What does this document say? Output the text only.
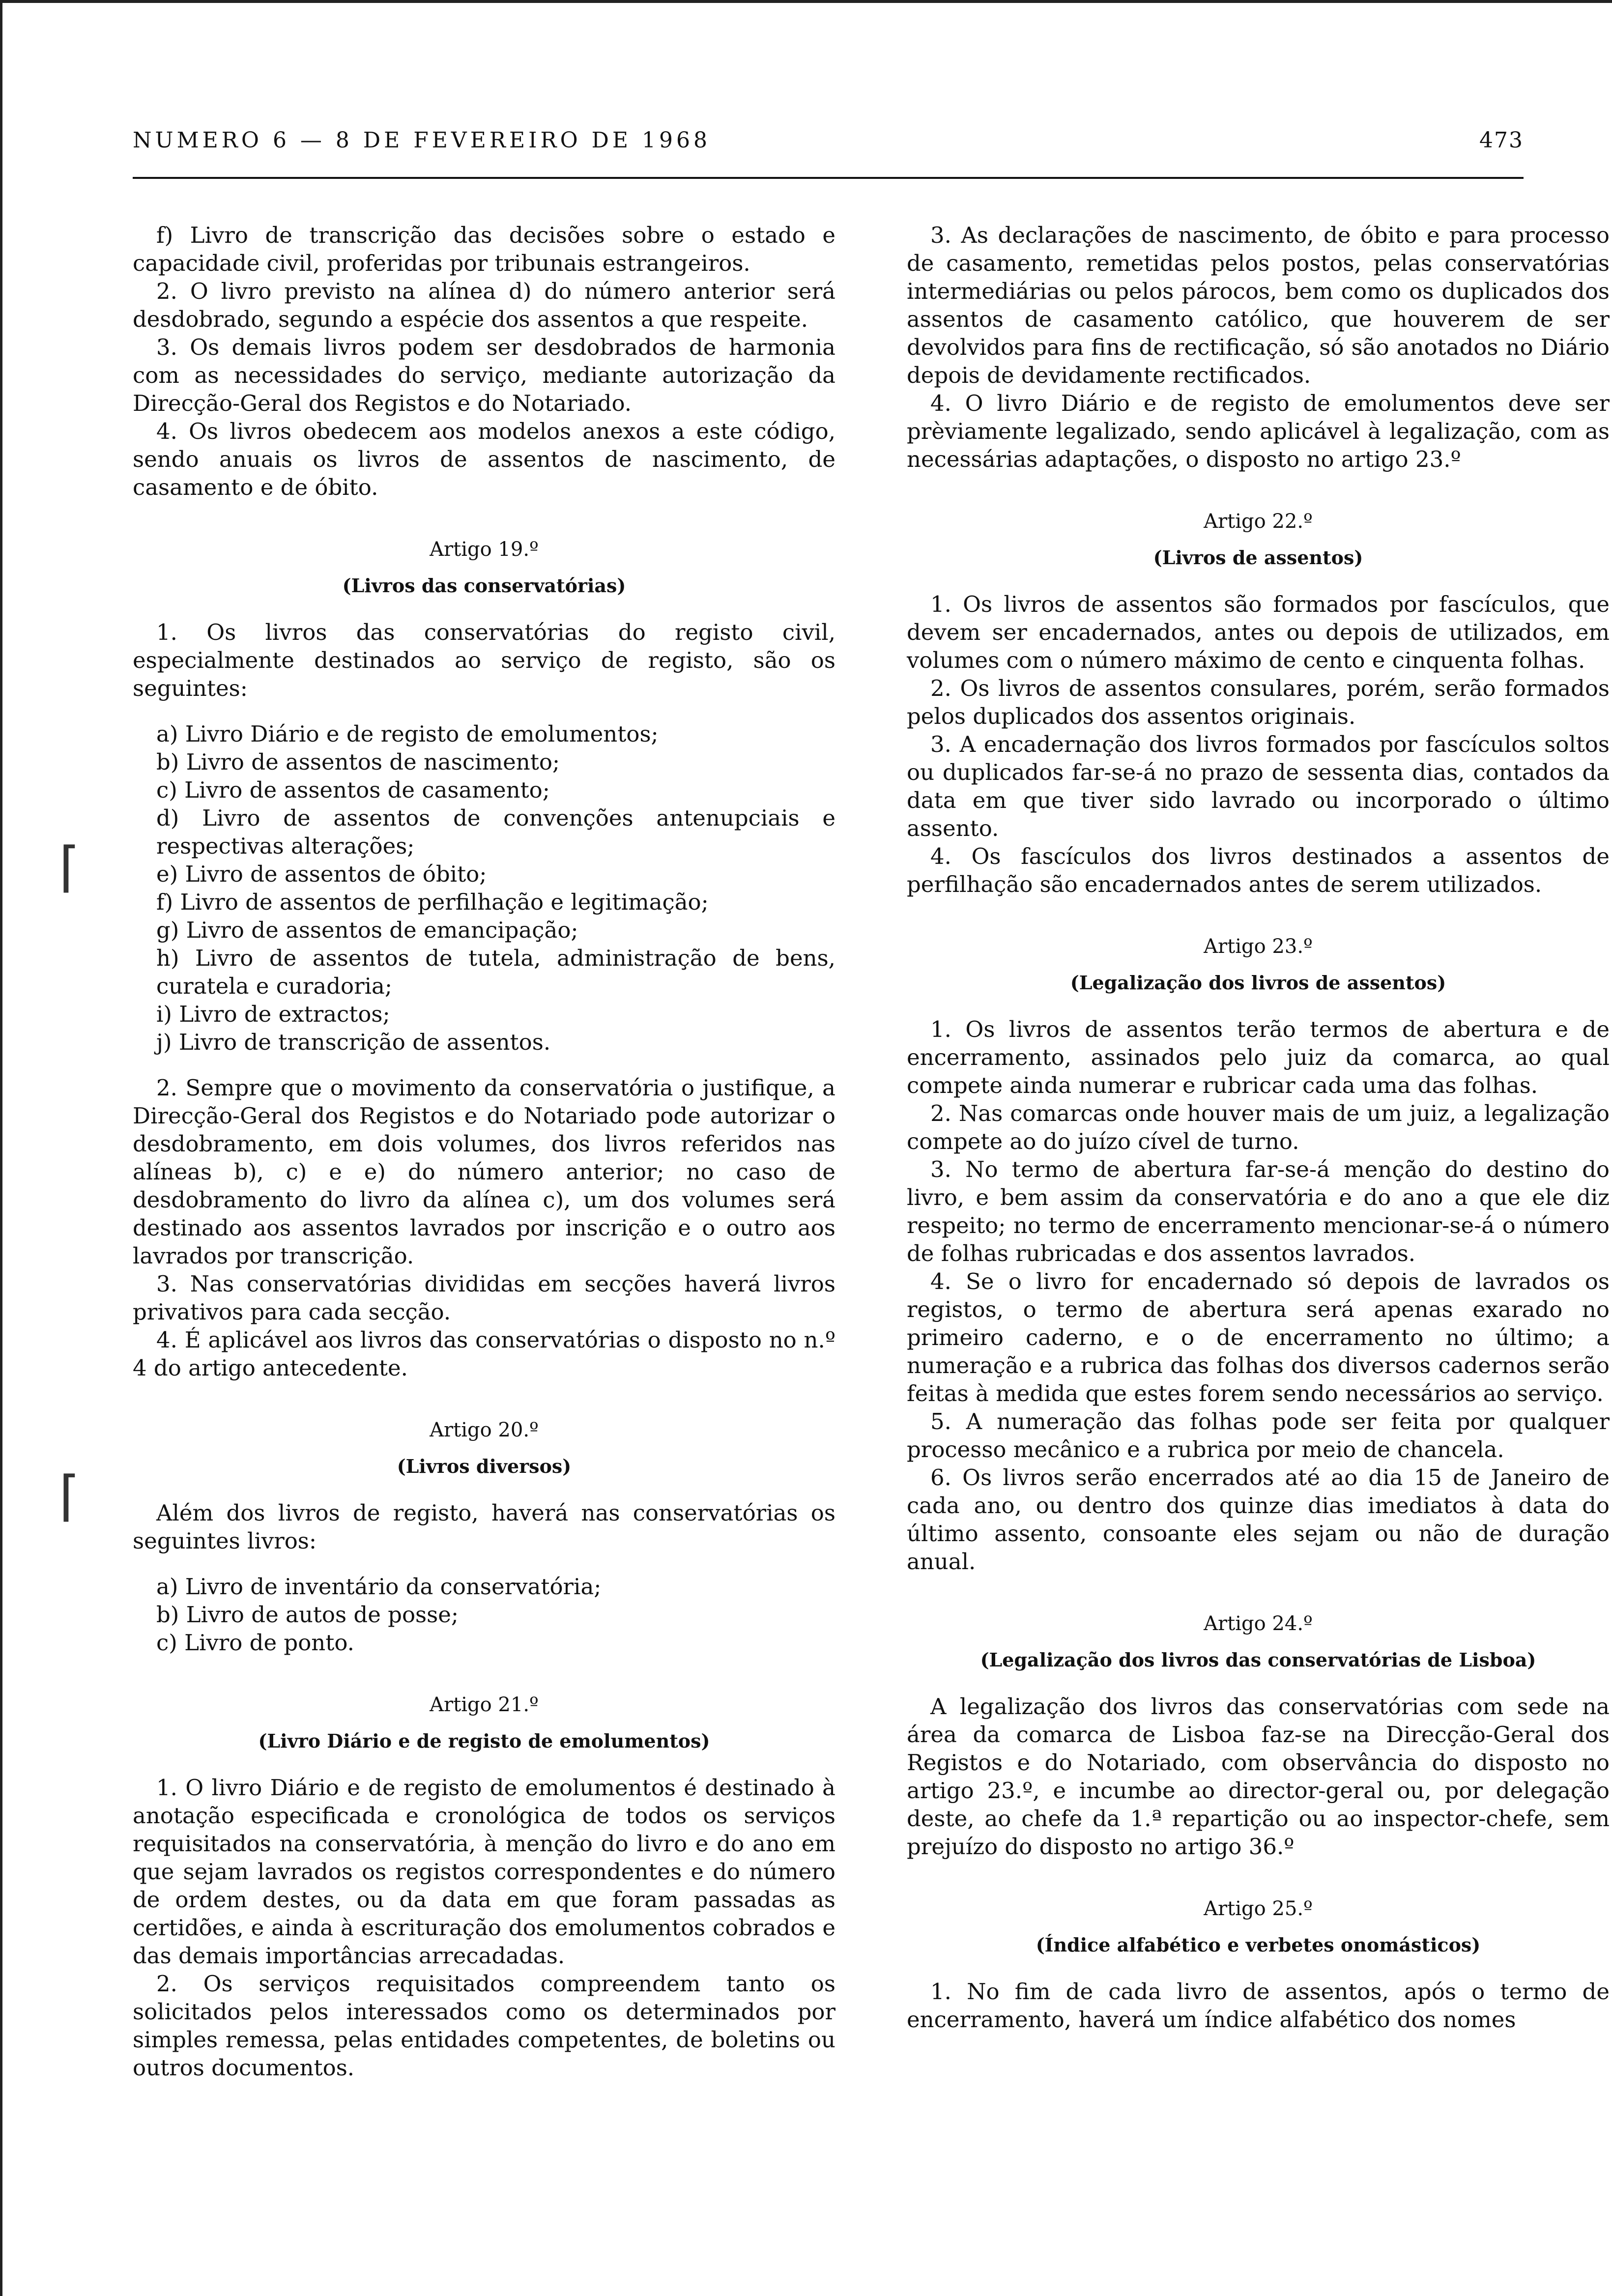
NUMERO 6 — 8 DE FEVEREIRO DE 1968	473
⌈
⌈

f) Livro de transcrição das decisões sobre o estado e capacidade civil, proferidas por tribunais estrangeiros.

2. O livro previsto na alínea d) do número anterior será desdobrado, segundo a espécie dos assentos a que respeite.

3. Os demais livros podem ser desdobrados de harmonia com as necessidades do serviço, mediante autorização da Direcção-Geral dos Registos e do Notariado.

4. Os livros obedecem aos modelos anexos a este código, sendo anuais os livros de assentos de nascimento, de casamento e de óbito.

Artigo 19.º
(Livros das conservatórias)

1. Os livros das conservatórias do registo civil, especialmente destinados ao serviço de registo, são os seguintes:

a) Livro Diário e de registo de emolumentos;

b) Livro de assentos de nascimento;

c) Livro de assentos de casamento;

d) Livro de assentos de convenções antenupciais e respectivas alterações;

e) Livro de assentos de óbito;

f) Livro de assentos de perfilhação e legitimação;

g) Livro de assentos de emancipação;

h) Livro de assentos de tutela, administração de bens, curatela e curadoria;

i) Livro de extractos;

j) Livro de transcrição de assentos.

2. Sempre que o movimento da conservatória o justifique, a Direcção-Geral dos Registos e do Notariado pode autorizar o desdobramento, em dois volumes, dos livros referidos nas alíneas b), c) e e) do número anterior; no caso de desdobramento do livro da alínea c), um dos volumes será destinado aos assentos lavrados por inscrição e o outro aos lavrados por transcrição.

3. Nas conservatórias divididas em secções haverá livros privativos para cada secção.

4. É aplicável aos livros das conservatórias o disposto no n.º 4 do artigo antecedente.

Artigo 20.º
(Livros diversos)

Além dos livros de registo, haverá nas conservatórias os seguintes livros:

a) Livro de inventário da conservatória;

b) Livro de autos de posse;

c) Livro de ponto.

Artigo 21.º
(Livro Diário e de registo de emolumentos)

1. O livro Diário e de registo de emolumentos é destinado à anotação especificada e cronológica de todos os serviços requisitados na conservatória, à menção do livro e do ano em que sejam lavrados os registos correspondentes e do número de ordem destes, ou da data em que foram passadas as certidões, e ainda à escrituração dos emolumentos cobrados e das demais importâncias arrecadadas.

2. Os serviços requisitados compreendem tanto os solicitados pelos interessados como os determinados por simples remessa, pelas entidades competentes, de boletins ou outros documentos.

3. As declarações de nascimento, de óbito e para processo de casamento, remetidas pelos postos, pelas conservatórias intermediárias ou pelos párocos, bem como os duplicados dos assentos de casamento católico, que houverem de ser devolvidos para fins de rectificação, só são anotados no Diário depois de devidamente rectificados.

4. O livro Diário e de registo de emolumentos deve ser prèviamente legalizado, sendo aplicável à legalização, com as necessárias adaptações, o disposto no artigo 23.º

Artigo 22.º
(Livros de assentos)

1. Os livros de assentos são formados por fascículos, que devem ser encadernados, antes ou depois de utilizados, em volumes com o número máximo de cento e cinquenta folhas.

2. Os livros de assentos consulares, porém, serão formados pelos duplicados dos assentos originais.

3. A encadernação dos livros formados por fascículos soltos ou duplicados far-se-á no prazo de sessenta dias, contados da data em que tiver sido lavrado ou incorporado o último assento.

4. Os fascículos dos livros destinados a assentos de perfilhação são encadernados antes de serem utilizados.

Artigo 23.º
(Legalização dos livros de assentos)

1. Os livros de assentos terão termos de abertura e de encerramento, assinados pelo juiz da comarca, ao qual compete ainda numerar e rubricar cada uma das folhas.

2. Nas comarcas onde houver mais de um juiz, a legalização compete ao do juízo cível de turno.

3. No termo de abertura far-se-á menção do destino do livro, e bem assim da conservatória e do ano a que ele diz respeito; no termo de encerramento mencionar-se-á o número de folhas rubricadas e dos assentos lavrados.

4. Se o livro for encadernado só depois de lavrados os registos, o termo de abertura será apenas exarado no primeiro caderno, e o de encerramento no último; a numeração e a rubrica das folhas dos diversos cadernos serão feitas à medida que estes forem sendo necessários ao serviço.

5. A numeração das folhas pode ser feita por qualquer processo mecânico e a rubrica por meio de chancela.

6. Os livros serão encerrados até ao dia 15 de Janeiro de cada ano, ou dentro dos quinze dias imediatos à data do último assento, consoante eles sejam ou não de duração anual.

Artigo 24.º
(Legalização dos livros das conservatórias de Lisboa)

A legalização dos livros das conservatórias com sede na área da comarca de Lisboa faz-se na Direcção-Geral dos Registos e do Notariado, com observância do disposto no artigo 23.º, e incumbe ao director-geral ou, por delegação deste, ao chefe da 1.ª repartição ou ao inspector-chefe, sem prejuízo do disposto no artigo 36.º

Artigo 25.º
(Índice alfabético e verbetes onomásticos)

1. No fim de cada livro de assentos, após o termo de encerramento, haverá um índice alfabético dos nomes
